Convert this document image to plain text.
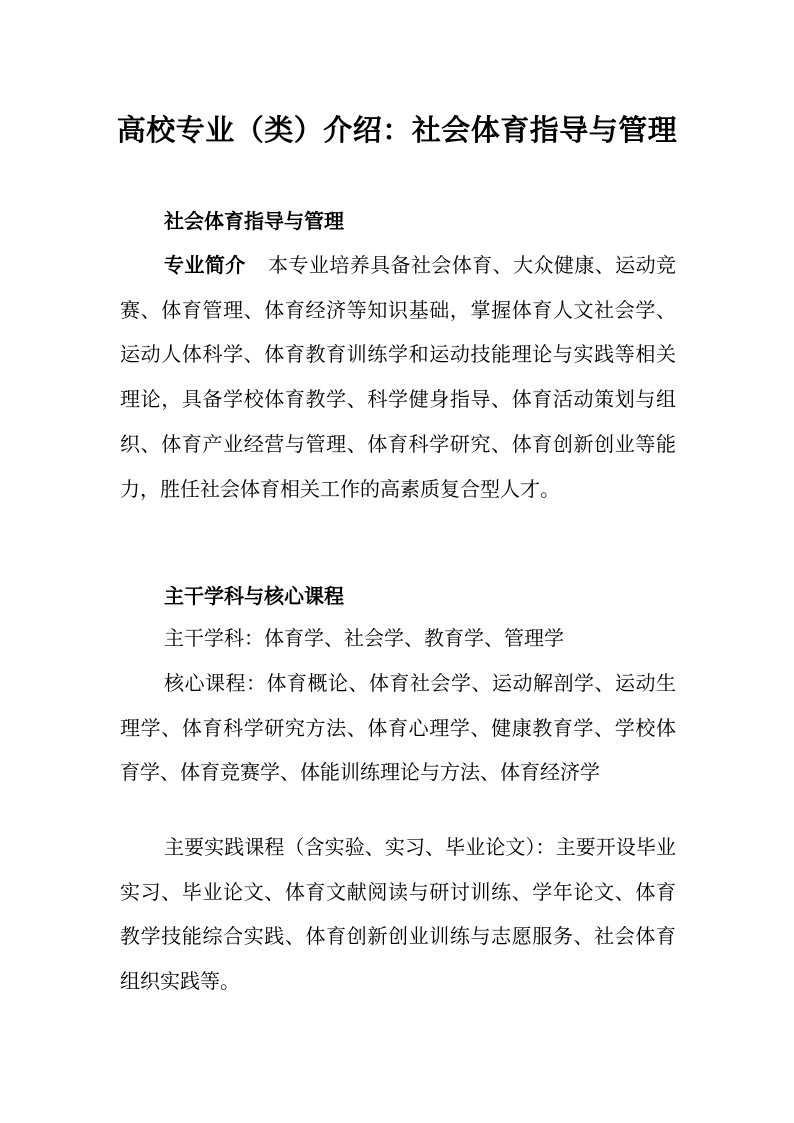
高校专业（类）介绍：社会体育指导与管理
社会体育指导与管理

专业简介 本专业培养具备社会体育、大众健康、运动竞赛、体育管理、体育经济等知识基础，掌握体育人文社会学、运动人体科学、体育教育训练学和运动技能理论与实践等相关理论，具备学校体育教学、科学健身指导、体育活动策划与组织、体育产业经营与管理、体育科学研究、体育创新创业等能力，胜任社会体育相关工作的高素质复合型人才。

主干学科与核心课程

主干学科：体育学、社会学、教育学、管理学

核心课程：体育概论、体育社会学、运动解剖学、运动生理学、体育科学研究方法、体育心理学、健康教育学、学校体育学、体育竞赛学、体能训练理论与方法、体育经济学

主要实践课程（含实验、实习、毕业论文）：主要开设毕业实习、毕业论文、体育文献阅读与研讨训练、学年论文、体育教学技能综合实践、体育创新创业训练与志愿服务、社会体育组织实践等。
